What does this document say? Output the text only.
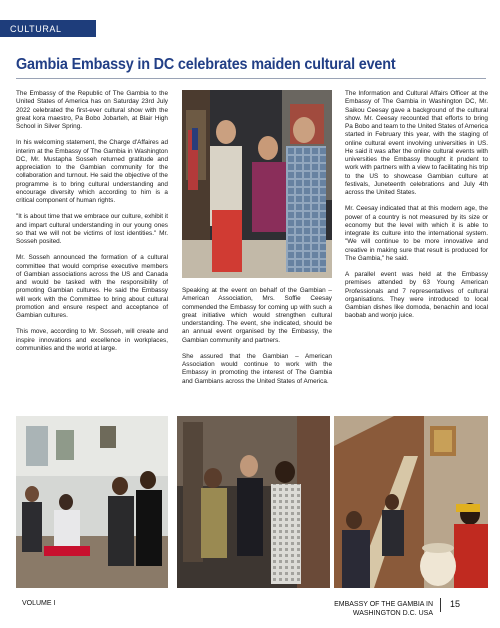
CULTURAL
Gambia Embassy in DC celebrates maiden cultural event

The Embassy of the Republic of The Gambia to the United States of America has on Saturday 23rd July 2022 celebrated the first-ever cultural show with the great kora maestro, Pa Bobo Jobarteh, at Blair High School in Silver Spring.

In his welcoming statement, the Charge d'Affaires ad interim at the Embassy of The Gambia in Washington DC, Mr. Mustapha Sosseh returned gratitude and appreciation to the Gambian community for the collaboration and turnout. He said the objective of the programme is to bring cultural understanding and encourage diversity which according to him is a critical component of human rights.

"It is about time that we embrace our culture, exhibit it and impart cultural understanding in our young ones so that we will not be victims of lost identities." Mr. Sosseh posited.

Mr. Sosseh announced the formation of a cultural committee that would comprise executive members of Gambian associations across the US and Canada and would be tasked with the responsibility of promoting Gambian cultures. He said the Embassy will work with the Committee to bring about cultural promotion and ensure respect and acceptance of Gambian cultures.

This move, according to Mr. Sosseh, will create and inspire innovations and excellence in workplaces, communities and the world at large.

Speaking at the event on behalf of the Gambian – American Association, Mrs. Soffie Ceesay commended the Embassy for coming up with such a great initiative which would strengthen cultural understanding. The event, she indicated, should be an annual event organised by the Embassy, the Gambian community and partners.

She assured that the Gambian – American Association would continue to work with the Embassy in promoting the interest of The Gambia and Gambians across the United States of America.

The Information and Cultural Affairs Officer at the Embassy of The Gambia in Washington DC, Mr. Saikou Ceesay gave a background of the cultural show. Mr. Ceesay recounted that efforts to bring Pa Bobo and team to the United States of America started in February this year, with the staging of online cultural event involving universities in US. He said it was after the online cultural events with universities the Embassy thought it prudent to work with partners with a view to facilitating his trip to the US to showcase Gambian culture at festivals, Juneteenth celebrations and July 4th across the United States.

Mr. Ceesay indicated that at this modern age, the power of a country is not measured by its size or economy but the level with which it is able to integrate its culture into the international system. "We will continue to be more innovative and creative in making sure that result is produced for The Gambia," he said.

A parallel event was held at the Embassy premises attended by 63 Young American Professionals and 7 representatives of cultural organisations. They were introduced to local Gambian dishes like domoda, benachin and local baobab and wonjo juice.

VOLUME I	EMBASSY OF THE GAMBIA IN
WASHINGTON D.C. USA
15
